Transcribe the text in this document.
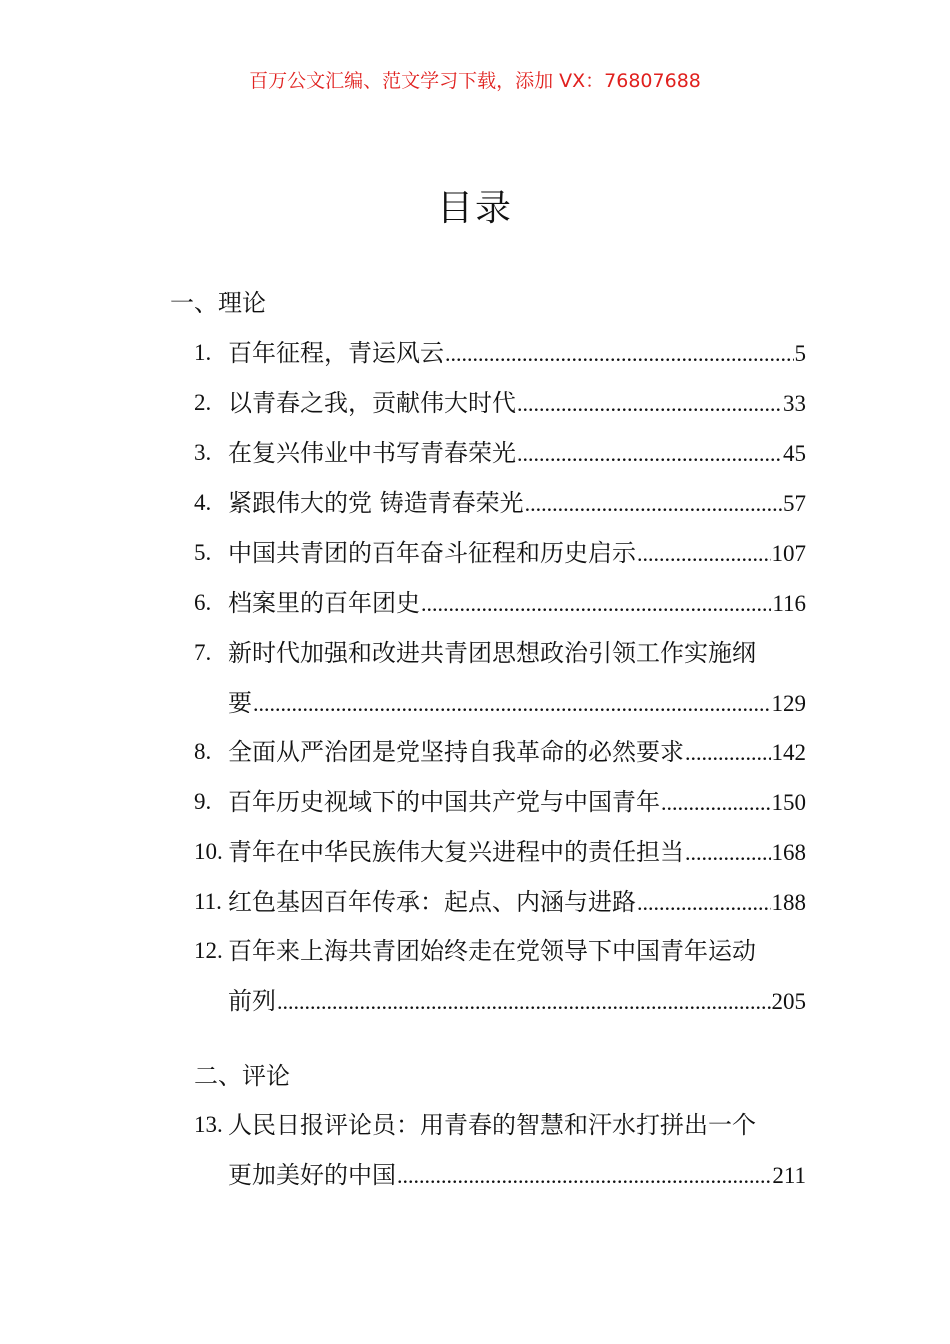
百万公文汇编、范文学习下载，添加 VX：76807688
目录
一、理论
1. 百年征程，青运风云 .....	5
2. 以青春之我，贡献伟大时代 .....	33
3. 在复兴伟业中书写青春荣光 .....	45
4. 紧跟伟大的党 铸造青春荣光 .....	57
5. 中国共青团的百年奋斗征程和历史启示 .....	107
6. 档案里的百年团史 .....	116
7. 新时代加强和改进共青团思想政治引领工作实施纲
要 .....	129
8. 全面从严治团是党坚持自我革命的必然要求 .....	142
9. 百年历史视域下的中国共产党与中国青年 .....	150
10. 青年在中华民族伟大复兴进程中的责任担当 .....	168
11. 红色基因百年传承：起点、内涵与进路 .....	188
12. 百年来上海共青团始终走在党领导下中国青年运动
前列 .....	205
二、评论
13. 人民日报评论员：用青春的智慧和汗水打拼出一个
更加美好的中国 .....	211
